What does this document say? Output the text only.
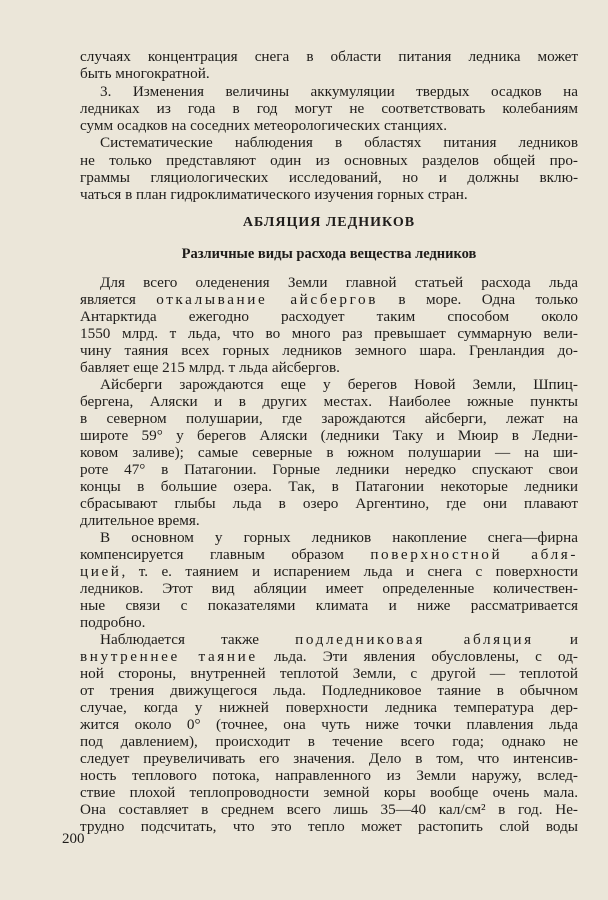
случаях концентрация снега в области питания ледника может
быть многократной.
3. Изменения величины аккумуляции твердых осадков на
ледниках из года в год могут не соответствовать колебаниям
сумм осадков на соседних метеорологических станциях.
Систематические наблюдения в областях питания ледников
не только представляют один из основных разделов общей про-
граммы гляциологических исследований, но и должны вклю-
чаться в план гидроклиматического изучения горных стран.
АБЛЯЦИЯ ЛЕДНИКОВ
Различные виды расхода вещества ледников
Для всего оледенения Земли главной статьей расхода льда
является откалывание айсбергов в море. Одна только
Антарктида ежегодно расходует таким способом около
1550 млрд. т льда, что во много раз превышает суммарную вели-
чину таяния всех горных ледников земного шара. Гренландия до-
бавляет еще 215 млрд. т льда айсбергов.
Айсберги зарождаются еще у берегов Новой Земли, Шпиц-
бергена, Аляски и в других местах. Наиболее южные пункты
в северном полушарии, где зарождаются айсберги, лежат на
широте 59° у берегов Аляски (ледники Таку и Мюир в Ледни-
ковом заливе); самые северные в южном полушарии — на ши-
роте 47° в Патагонии. Горные ледники нередко спускают свои
концы в большие озера. Так, в Патагонии некоторые ледники
сбрасывают глыбы льда в озеро Аргентино, где они плавают
длительное время.
В основном у горных ледников накопление снега—фирна
компенсируется главным образом поверхностной абля-
цией, т. е. таянием и испарением льда и снега с поверхности
ледников. Этот вид абляции имеет определенные количествен-
ные связи с показателями климата и ниже рассматривается
подробно.
Наблюдается также подледниковая абляция и
внутреннее таяние льда. Эти явления обусловлены, с од-
ной стороны, внутренней теплотой Земли, с другой — теплотой
от трения движущегося льда. Подледниковое таяние в обычном
случае, когда у нижней поверхности ледника температура дер-
жится около 0° (точнее, она чуть ниже точки плавления льда
под давлением), происходит в течение всего года; однако не
следует преувеличивать его значения. Дело в том, что интенсив-
ность теплового потока, направленного из Земли наружу, вслед-
ствие плохой теплопроводности земной коры вообще очень мала.
Она составляет в среднем всего лишь 35—40 кал/см² в год. Не-
трудно подсчитать, что это тепло может растопить слой воды
200
